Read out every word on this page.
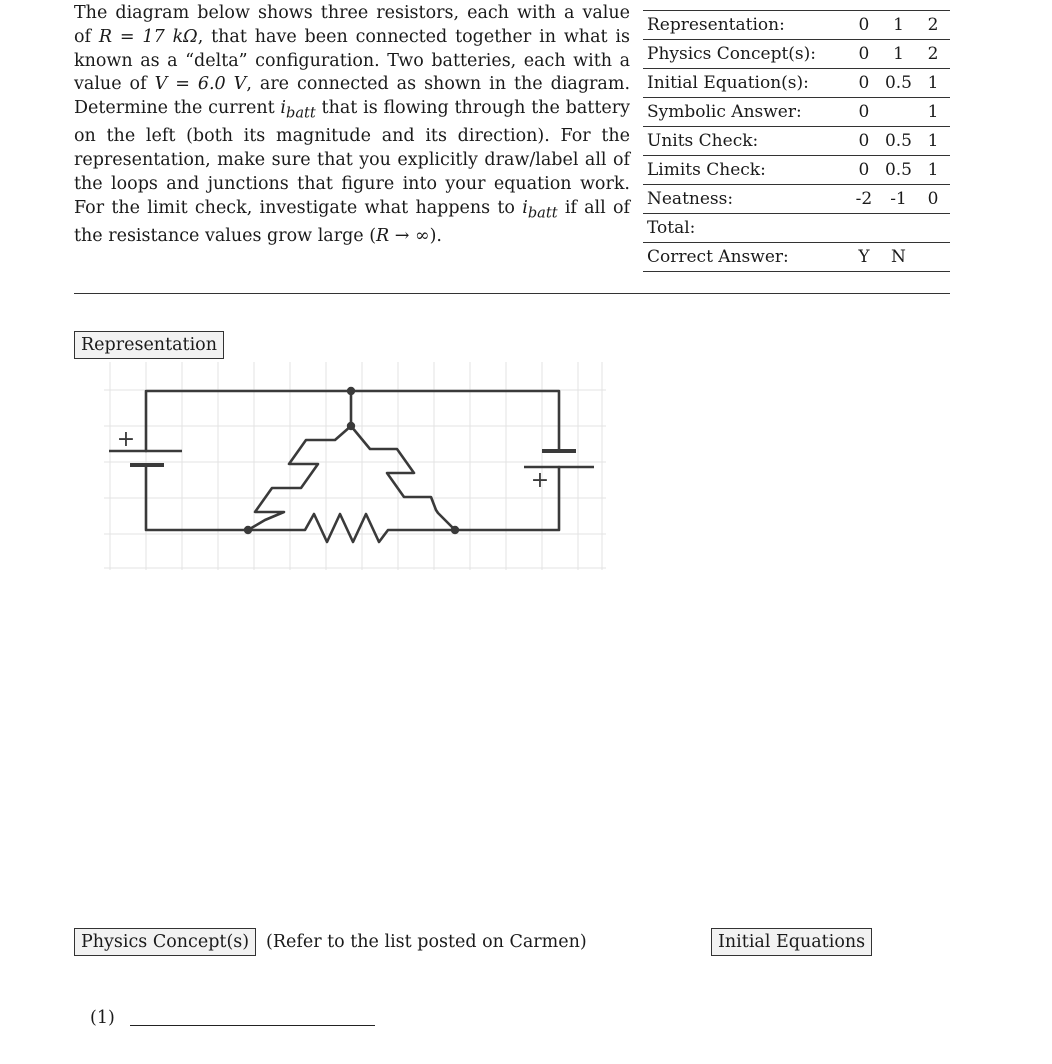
The diagram below shows three resistors, each with a value of R = 17 kΩ, that have been connected together in what is known as a “delta” configuration. Two batteries, each with a value of V = 6.0 V, are connected as shown in the diagram. Determine the current $i_{batt}$ that is flowing through the battery on the left (both its magnitude and its direction). For the representation, make sure that you explicitly draw/label all of the loops and junctions that figure into your equation work. For the limit check, investigate what happens to $i_{batt}$ if all of the resistance values grow large (R → ∞).
Representation:	0	1	2
Physics Concept(s):	0	1	2
Initial Equation(s):	0	0.5	1
Symbolic Answer:	0		1
Units Check:	0	0.5	1
Limits Check:	0	0.5	1
Neatness:	-2	-1	0
Total:			
Correct Answer:	Y	N	
Representation
+
+
Physics Concept(s) (Refer to the list posted on Carmen)	Initial Equations
(1)
